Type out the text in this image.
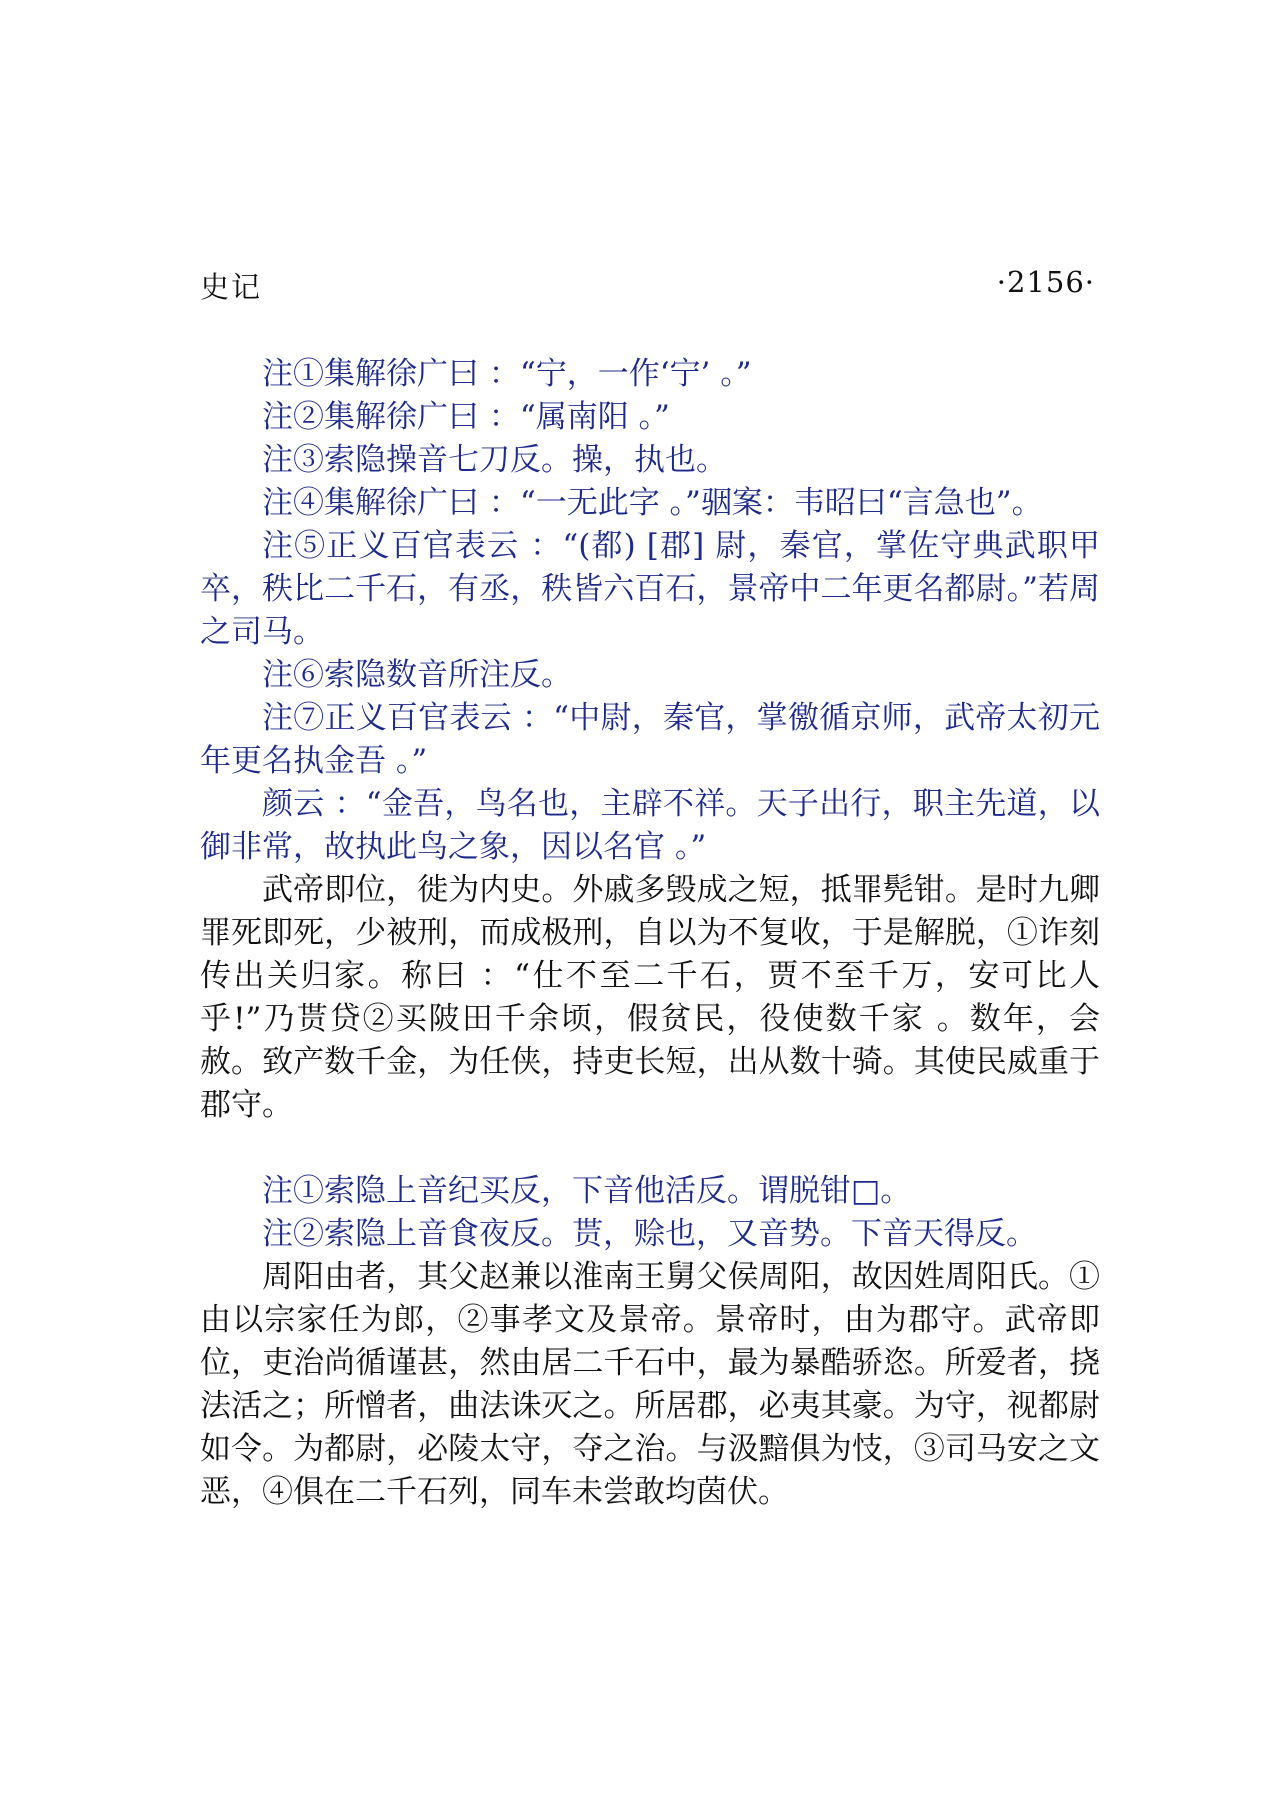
史记	·2156·

注①集解徐广曰 ：“宁，一作‘宁’ 。”

注②集解徐广曰 ：“属南阳 。”

注③索隐操音七刀反。操，执也。

注④集解徐广曰 ：“一无此字 。”骃案：韦昭曰“言急也”。

注⑤正义百官表云 ：“(都) [郡] 尉，秦官，掌佐守典武职甲卒，秩比二千石，有丞，秩皆六百石，景帝中二年更名都尉。”若周之司马。

注⑥索隐数音所注反。

注⑦正义百官表云 ：“中尉，秦官，掌徼循京师，武帝太初元年更名执金吾 。”

颜云 ：“金吾，鸟名也，主辟不祥。天子出行，职主先道，以御非常，故执此鸟之象，因以名官 。”

武帝即位，徙为内史。外戚多毁成之短，抵罪髡钳。是时九卿罪死即死，少被刑，而成极刑，自以为不复收，于是解脱，①诈刻传出关归家。称曰 ：“仕不至二千石，贾不至千万，安可比人乎!”乃贳贷②买陂田千余顷，假贫民，役使数千家 。数年，会赦。致产数千金，为任侠，持吏长短，出从数十骑。其使民威重于郡守。

注①索隐上音纪买反，下音他活反。谓脱钳□。

注②索隐上音食夜反。贳，赊也，又音势。下音天得反。

周阳由者，其父赵兼以淮南王舅父侯周阳，故因姓周阳氏。①由以宗家任为郎，②事孝文及景帝。景帝时，由为郡守。武帝即位，吏治尚循谨甚，然由居二千石中，最为暴酷骄恣。所爱者，挠法活之；所憎者，曲法诛灭之。所居郡，必夷其豪。为守，视都尉如令。为都尉，必陵太守，夺之治。与汲黯俱为忮，③司马安之文恶，④俱在二千石列，同车未尝敢均茵伏。
